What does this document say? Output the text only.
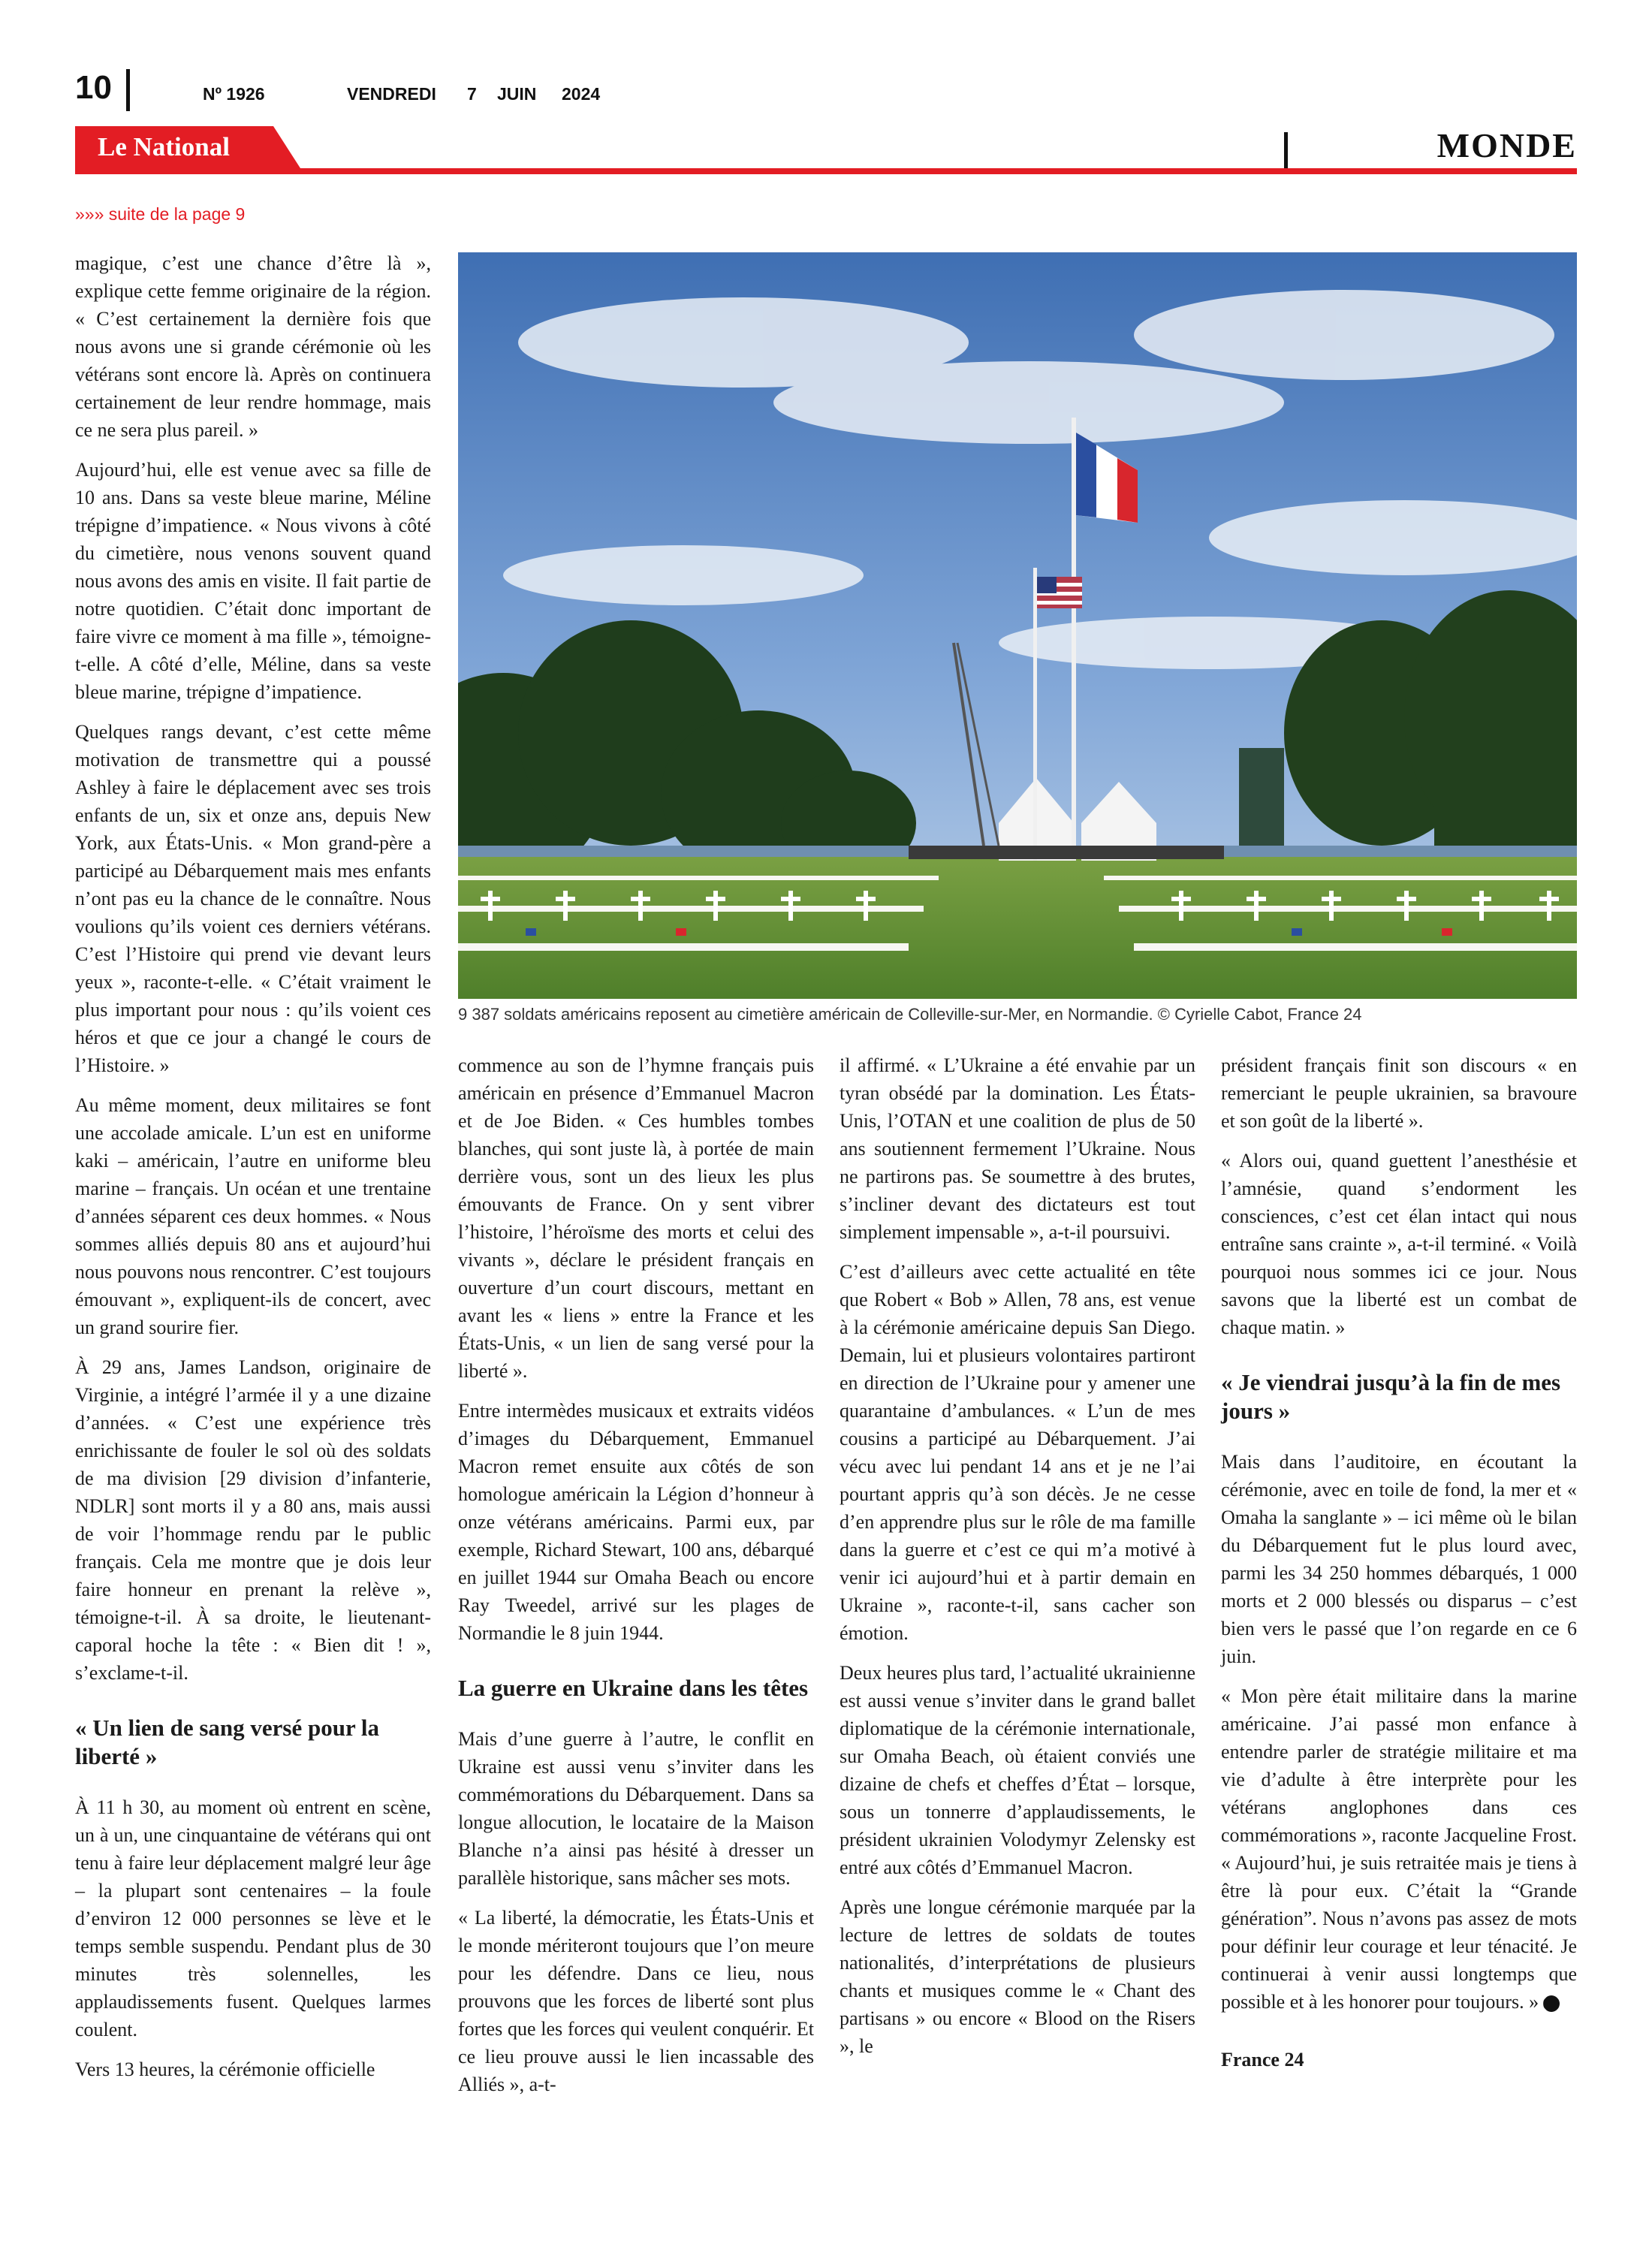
10	Nº 1926	VENDREDI 7 JUIN 2024
Le National	MONDE
»»» suite de la page 9
9 387 soldats américains reposent au cimetière américain de Colleville-sur-Mer, en Normandie. © Cyrielle Cabot, France 24

magique, c’est une chance d’être là », explique cette femme originaire de la région. « C’est certainement la dernière fois que nous avons une si grande cérémonie où les vétérans sont encore là. Après on continuera certainement de leur rendre hommage, mais ce ne sera plus pareil. »

Aujourd’hui, elle est venue avec sa fille de 10 ans. Dans sa veste bleue marine, Méline trépigne d’impatience. « Nous vivons à côté du cimetière, nous venons souvent quand nous avons des amis en visite. Il fait partie de notre quotidien. C’était donc important de faire vivre ce moment à ma fille », témoigne-t-elle. A côté d’elle, Méline, dans sa veste bleue marine, trépigne d’impatience.

Quelques rangs devant, c’est cette même motivation de transmettre qui a poussé Ashley à faire le déplacement avec ses trois enfants de un, six et onze ans, depuis New York, aux États-Unis. « Mon grand-père a participé au Débarquement mais mes enfants n’ont pas eu la chance de le connaître. Nous voulions qu’ils voient ces derniers vétérans. C’est l’Histoire qui prend vie devant leurs yeux », raconte-t-elle. « C’était vraiment le plus important pour nous : qu’ils voient ces héros et que ce jour a changé le cours de l’Histoire. »

Au même moment, deux militaires se font une accolade amicale. L’un est en uniforme kaki – américain, l’autre en uniforme bleu marine – français. Un océan et une trentaine d’années séparent ces deux hommes. « Nous sommes alliés depuis 80 ans et aujourd’hui nous pouvons nous rencontrer. C’est toujours émouvant », expliquent-ils de concert, avec un grand sourire fier.

À 29 ans, James Landson, originaire de Virginie, a intégré l’armée il y a une dizaine d’années. « C’est une expérience très enrichissante de fouler le sol où des soldats de ma division [29 division d’infanterie, NDLR] sont morts il y a 80 ans, mais aussi de voir l’hommage rendu par le public français. Cela me montre que je dois leur faire honneur en prenant la relève », témoigne-t-il. À sa droite, le lieutenant-caporal hoche la tête : « Bien dit ! », s’exclame-t-il.

« Un lien de sang versé pour la liberté »

À 11 h 30, au moment où entrent en scène, un à un, une cinquantaine de vétérans qui ont tenu à faire leur déplacement malgré leur âge – la plupart sont centenaires – la foule d’environ 12 000 personnes se lève et le temps semble suspendu. Pendant plus de 30 minutes très solennelles, les applaudissements fusent. Quelques larmes coulent.

Vers 13 heures, la cérémonie officielle

commence au son de l’hymne français puis américain en présence d’Emmanuel Macron et de Joe Biden. « Ces humbles tombes blanches, qui sont juste là, à portée de main derrière vous, sont un des lieux les plus émouvants de France. On y sent vibrer l’histoire, l’héroïsme des morts et celui des vivants », déclare le président français en ouverture d’un court discours, mettant en avant les « liens » entre la France et les États-Unis, « un lien de sang versé pour la liberté ».

Entre intermèdes musicaux et extraits vidéos d’images du Débarquement, Emmanuel Macron remet ensuite aux côtés de son homologue américain la Légion d’honneur à onze vétérans américains. Parmi eux, par exemple, Richard Stewart, 100 ans, débarqué en juillet 1944 sur Omaha Beach ou encore Ray Tweedel, arrivé sur les plages de Normandie le 8 juin 1944.

La guerre en Ukraine dans les têtes

Mais d’une guerre à l’autre, le conflit en Ukraine est aussi venu s’inviter dans les commémorations du Débarquement. Dans sa longue allocution, le locataire de la Maison Blanche n’a ainsi pas hésité à dresser un parallèle historique, sans mâcher ses mots.

« La liberté, la démocratie, les États-Unis et le monde mériteront toujours que l’on meure pour les défendre. Dans ce lieu, nous prouvons que les forces de liberté sont plus fortes que les forces qui veulent conquérir. Et ce lieu prouve aussi le lien incassable des Alliés », a-t-

il affirmé. « L’Ukraine a été envahie par un tyran obsédé par la domination. Les États-Unis, l’OTAN et une coalition de plus de 50 ans soutiennent fermement l’Ukraine. Nous ne partirons pas. Se soumettre à des brutes, s’incliner devant des dictateurs est tout simplement impensable », a-t-il poursuivi.

C’est d’ailleurs avec cette actualité en tête que Robert « Bob » Allen, 78 ans, est venue à la cérémonie américaine depuis San Diego. Demain, lui et plusieurs volontaires partiront en direction de l’Ukraine pour y amener une quarantaine d’ambulances. « L’un de mes cousins a participé au Débarquement. J’ai vécu avec lui pendant 14 ans et je ne l’ai pourtant appris qu’à son décès. Je ne cesse d’en apprendre plus sur le rôle de ma famille dans la guerre et c’est ce qui m’a motivé à venir ici aujourd’hui et à partir demain en Ukraine », raconte-t-il, sans cacher son émotion.

Deux heures plus tard, l’actualité ukrainienne est aussi venue s’inviter dans le grand ballet diplomatique de la cérémonie internationale, sur Omaha Beach, où étaient conviés une dizaine de chefs et cheffes d’État – lorsque, sous un tonnerre d’applaudissements, le président ukrainien Volodymyr Zelensky est entré aux côtés d’Emmanuel Macron.

Après une longue cérémonie marquée par la lecture de lettres de soldats de toutes nationalités, d’interprétations de plusieurs chants et musiques comme le « Chant des partisans » ou encore « Blood on the Risers », le

président français finit son discours « en remerciant le peuple ukrainien, sa bravoure et son goût de la liberté ».

« Alors oui, quand guettent l’anesthésie et l’amnésie, quand s’endorment les consciences, c’est cet élan intact qui nous entraîne sans crainte », a-t-il terminé. « Voilà pourquoi nous sommes ici ce jour. Nous savons que la liberté est un combat de chaque matin. »

« Je viendrai jusqu’à la fin de mes jours »

Mais dans l’auditoire, en écoutant la cérémonie, avec en toile de fond, la mer et « Omaha la sanglante » – ici même où le bilan du Débarquement fut le plus lourd avec, parmi les 34 250 hommes débarqués, 1 000 morts et 2 000 blessés ou disparus – c’est bien vers le passé que l’on regarde en ce 6 juin.

« Mon père était militaire dans la marine américaine. J’ai passé mon enfance à entendre parler de stratégie militaire et ma vie d’adulte à être interprète pour les vétérans anglophones dans ces commémorations », raconte Jacqueline Frost. « Aujourd’hui, je suis retraitée mais je tiens à être là pour eux. C’était la “Grande génération”. Nous n’avons pas assez de mots pour définir leur courage et leur ténacité. Je continuerai à venir aussi longtemps que possible et à les honorer pour toujours. »

France 24
